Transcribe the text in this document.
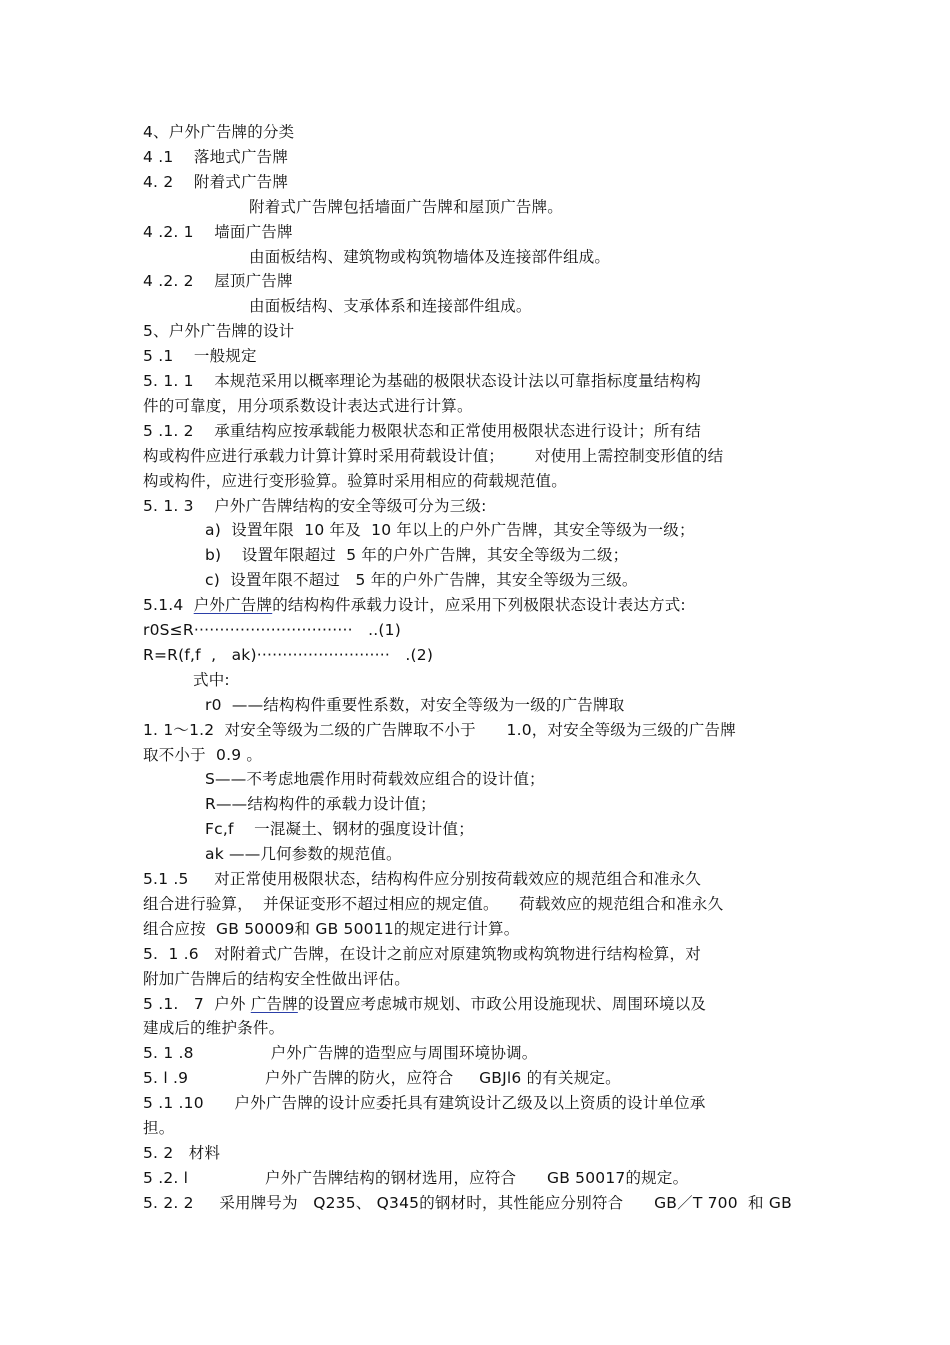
4、户外广告牌的分类
4 .1    落地式广告牌
4. 2    附着式广告牌
附着式广告牌包括墙面广告牌和屋顶广告牌。
4 .2. 1    墙面广告牌
由面板结构、建筑物或构筑物墙体及连接部件组成。
4 .2. 2    屋顶广告牌
由面板结构、支承体系和连接部件组成。
5、户外广告牌的设计
5 .1    一般规定
5. 1. 1    本规范采用以概率理论为基础的极限状态设计法以可靠指标度量结构构
件的可靠度，用分项系数设计表达式进行计算。
5 .1. 2    承重结构应按承载能力极限状态和正常使用极限状态进行设计；所有结
构或构件应进行承载力计算计算时采用荷载设计值；      对使用上需控制变形值的结
构或构件，应进行变形验算。验算时采用相应的荷载规范值。
5. 1. 3    户外广告牌结构的安全等级可分为三级:
a)  设置年限  10 年及  10 年以上的户外广告牌，其安全等级为一级；
b)    设置年限超过  5 年的户外广告牌，其安全等级为二级；
c)  设置年限不超过   5 年的户外广告牌，其安全等级为三级。
5.1.4  户外广告牌的结构构件承载力设计，应采用下列极限状态设计表达方式:
r0S≤R·······························   ..(1)
R=R(f,f  ,   ak)··························   .(2)
式中:
r0  ——结构构件重要性系数，对安全等级为一级的广告牌取
1. 1～1.2  对安全等级为二级的广告牌取不小于      1.0，对安全等级为三级的广告牌
取不小于  0.9 。
S——不考虑地震作用时荷载效应组合的设计值；
R——结构构件的承载力设计值；
Fc,f    一混凝土、钢材的强度设计值；
ak ——几何参数的规范值。
5.1 .5     对正常使用极限状态，结构构件应分别按荷载效应的规范组合和准永久
组合进行验算，  并保证变形不超过相应的规定值。    荷载效应的规范组合和准永久
组合应按  GB 50009和 GB 50011的规定进行计算。
5.  1 .6   对附着式广告牌，在设计之前应对原建筑物或构筑物进行结构检算，对
附加广告牌后的结构安全性做出评估。
5 .1.   7  户外 广告牌的设置应考虑城市规划、市政公用设施现状、周围环境以及
建成后的维护条件。
5. 1 .8               户外广告牌的造型应与周围环境协调。
5. l .9               户外广告牌的防火，应符合     GBJl6 的有关规定。
5 .1 .10      户外广告牌的设计应委托具有建筑设计乙级及以上资质的设计单位承
担。
5. 2   材料
5 .2. l               户外广告牌结构的钢材选用，应符合      GB 50017的规定。
5. 2. 2     采用牌号为   Q235、 Q345的钢材时，其性能应分别符合      GB／T 700  和 GB
